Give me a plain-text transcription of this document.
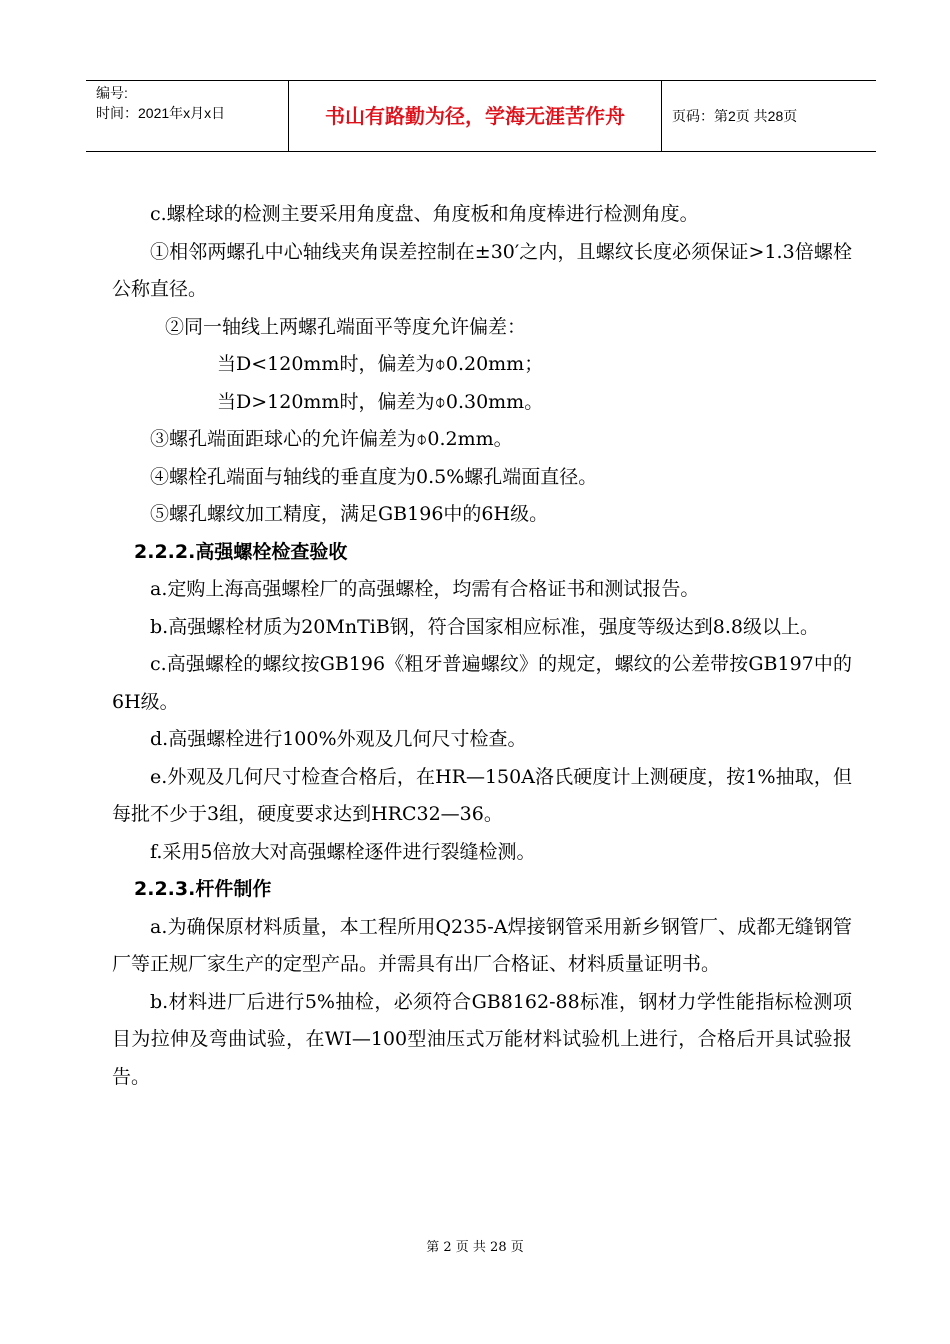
编号:
时间：2021年x月x日	书山有路勤为径，学海无涯苦作舟	页码：第2页 共28页

c.螺栓球的检测主要采用角度盘、角度板和角度棒进行检测角度。

①相邻两螺孔中心轴线夹角误差控制在±30′之内，且螺纹长度必须保证>1.3倍螺栓公称直径。

②同一轴线上两螺孔端面平等度允许偏差：

当D<120mm时，偏差为⌽0.20mm；

当D>120mm时，偏差为⌽0.30mm。

③螺孔端面距球心的允许偏差为⌽0.2mm。

④螺栓孔端面与轴线的垂直度为0.5%螺孔端面直径。

⑤螺孔螺纹加工精度，满足GB196中的6H级。

2.2.2.高强螺栓检查验收

a.定购上海高强螺栓厂的高强螺栓，均需有合格证书和测试报告。

b.高强螺栓材质为20MnTiB钢，符合国家相应标准，强度等级达到8.8级以上。

c.高强螺栓的螺纹按GB196《粗牙普遍螺纹》的规定，螺纹的公差带按GB197中的6H级。

d.高强螺栓进行100%外观及几何尺寸检查。

e.外观及几何尺寸检查合格后，在HR—150A洛氏硬度计上测硬度，按1%抽取，但每批不少于3组，硬度要求达到HRC32—36。

f.采用5倍放大对高强螺栓逐件进行裂缝检测。

2.2.3.杆件制作

a.为确保原材料质量，本工程所用Q235-A焊接钢管采用新乡钢管厂、成都无缝钢管厂等正规厂家生产的定型产品。并需具有出厂合格证、材料质量证明书。

b.材料进厂后进行5%抽检，必须符合GB8162-88标准，钢材力学性能指标检测项目为拉伸及弯曲试验，在WI—100型油压式万能材料试验机上进行，合格后开具试验报告。

第 2 页 共 28 页
